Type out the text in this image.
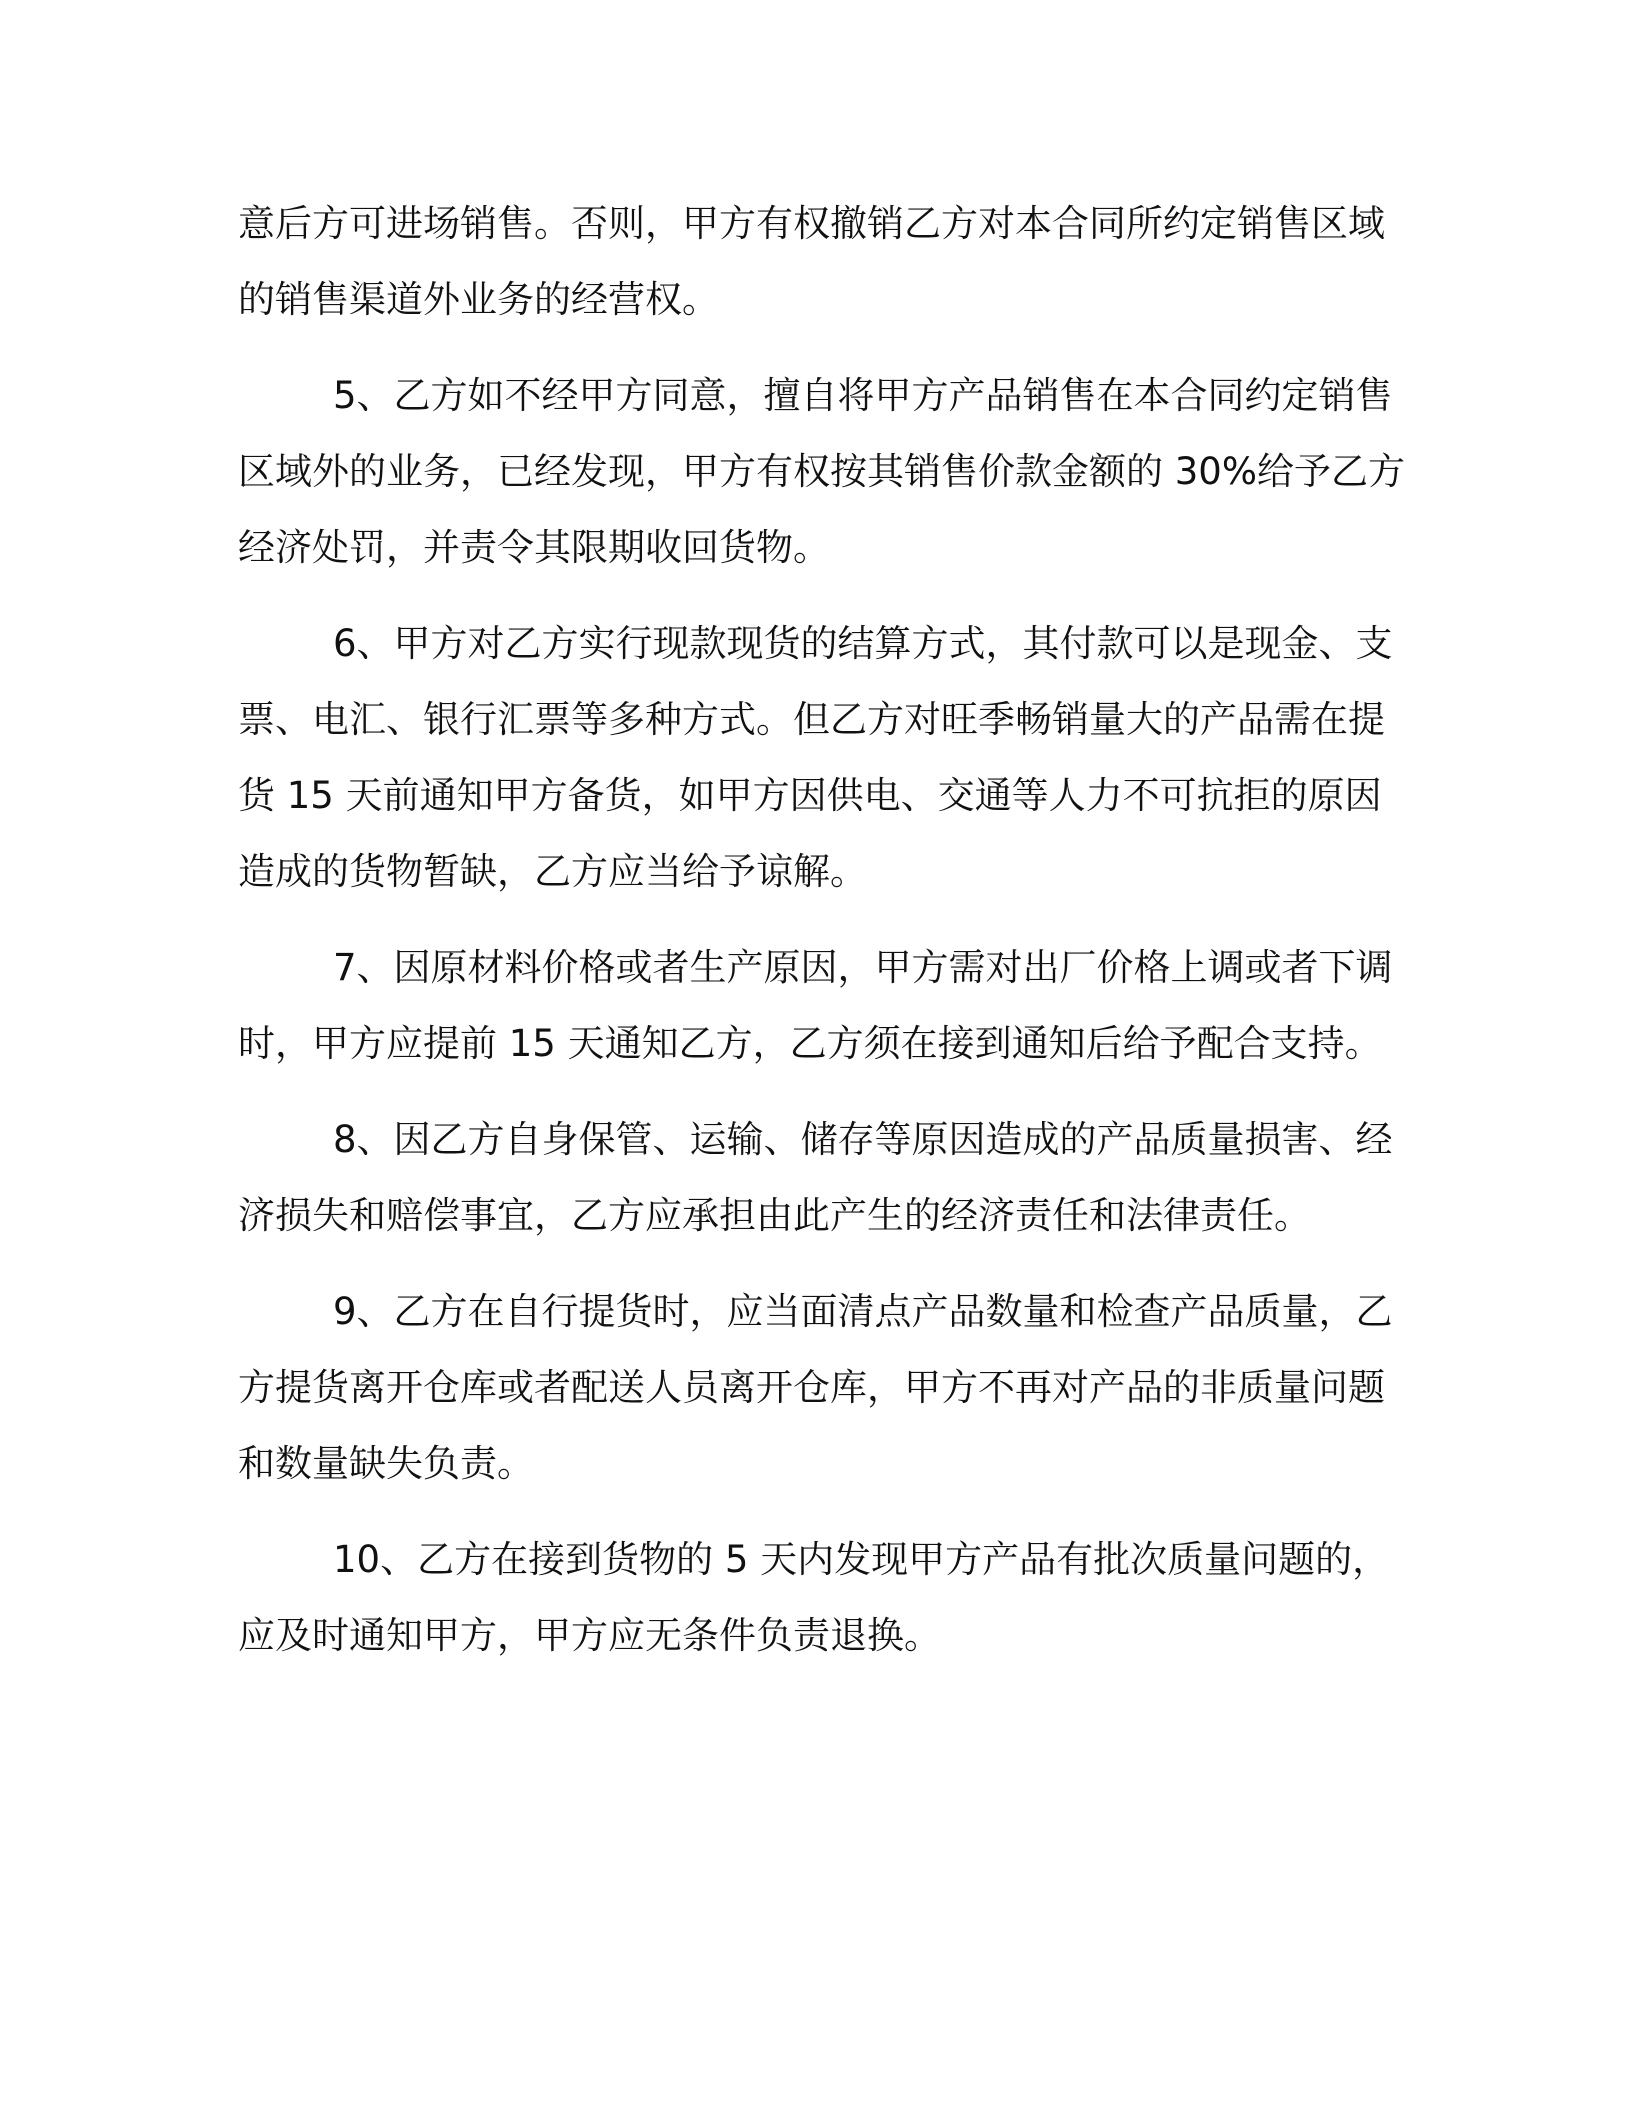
意后方可进场销售。否则，甲方有权撤销乙方对本合同所约定销售区域的销售渠道外业务的经营权。

5、乙方如不经甲方同意，擅自将甲方产品销售在本合同约定销售区域外的业务，已经发现，甲方有权按其销售价款金额的 30%给予乙方经济处罚，并责令其限期收回货物。

6、甲方对乙方实行现款现货的结算方式，其付款可以是现金、支票、电汇、银行汇票等多种方式。但乙方对旺季畅销量大的产品需在提货 15 天前通知甲方备货，如甲方因供电、交通等人力不可抗拒的原因造成的货物暂缺，乙方应当给予谅解。

7、因原材料价格或者生产原因，甲方需对出厂价格上调或者下调时，甲方应提前 15 天通知乙方，乙方须在接到通知后给予配合支持。

8、因乙方自身保管、运输、储存等原因造成的产品质量损害、经济损失和赔偿事宜，乙方应承担由此产生的经济责任和法律责任。

9、乙方在自行提货时，应当面清点产品数量和检查产品质量，乙方提货离开仓库或者配送人员离开仓库，甲方不再对产品的非质量问题和数量缺失负责。

10、乙方在接到货物的 5 天内发现甲方产品有批次质量问题的，应及时通知甲方，甲方应无条件负责退换。
